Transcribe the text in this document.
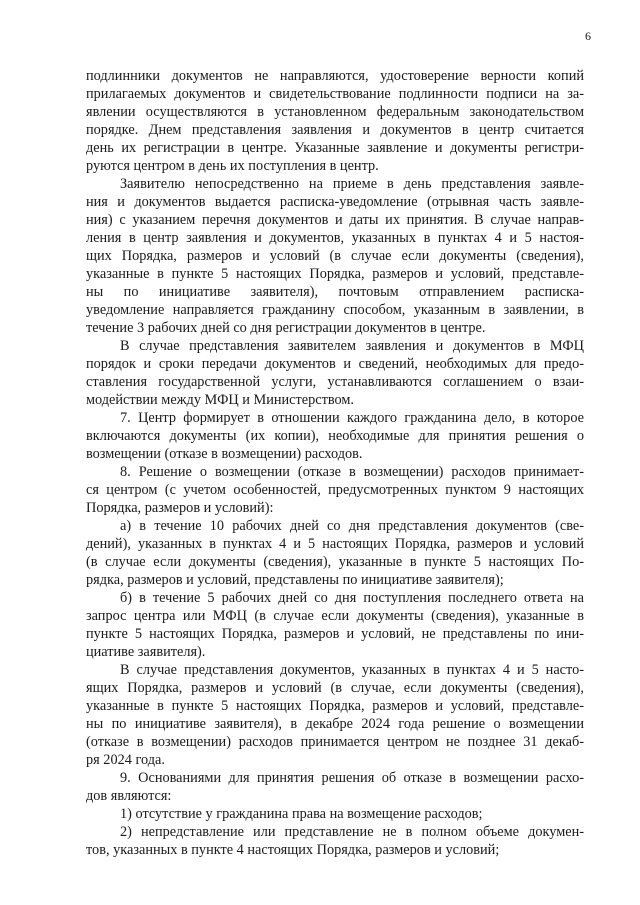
6
подлинники документов не направляются, удостоверение верности копий
прилагаемых документов и свидетельствование подлинности подписи на за-
явлении осуществляются в установленном федеральным законодательством
порядке. Днем представления заявления и документов в центр считается
день их регистрации в центре. Указанные заявление и документы регистри-
руются центром в день их поступления в центр.
Заявителю непосредственно на приеме в день представления заявле-
ния и документов выдается расписка-уведомление (отрывная часть заявле-
ния) с указанием перечня документов и даты их принятия. В случае направ-
ления в центр заявления и документов, указанных в пунктах 4 и 5 настоя-
щих Порядка, размеров и условий (в случае если документы (сведения),
указанные в пункте 5 настоящих Порядка, размеров и условий, представле-
ны по инициативе заявителя), почтовым отправлением расписка-
уведомление направляется гражданину способом, указанным в заявлении, в
течение 3 рабочих дней со дня регистрации документов в центре.
В случае представления заявителем заявления и документов в МФЦ
порядок и сроки передачи документов и сведений, необходимых для предо-
ставления государственной услуги, устанавливаются соглашением о взаи-
модействии между МФЦ и Министерством.
7. Центр формирует в отношении каждого гражданина дело, в которое
включаются документы (их копии), необходимые для принятия решения о
возмещении (отказе в возмещении) расходов.
8. Решение о возмещении (отказе в возмещении) расходов принимает-
ся центром (с учетом особенностей, предусмотренных пунктом 9 настоящих
Порядка, размеров и условий):
а) в течение 10 рабочих дней со дня представления документов (све-
дений), указанных в пунктах 4 и 5 настоящих Порядка, размеров и условий
(в случае если документы (сведения), указанные в пункте 5 настоящих По-
рядка, размеров и условий, представлены по инициативе заявителя);
б) в течение 5 рабочих дней со дня поступления последнего ответа на
запрос центра или МФЦ (в случае если документы (сведения), указанные в
пункте 5 настоящих Порядка, размеров и условий, не представлены по ини-
циативе заявителя).
В случае представления документов, указанных в пунктах 4 и 5 насто-
ящих Порядка, размеров и условий (в случае, если документы (сведения),
указанные в пункте 5 настоящих Порядка, размеров и условий, представле-
ны по инициативе заявителя), в декабре 2024 года решение о возмещении
(отказе в возмещении) расходов принимается центром не позднее 31 декаб-
ря 2024 года.
9. Основаниями для принятия решения об отказе в возмещении расхо-
дов являются:
1) отсутствие у гражданина права на возмещение расходов;
2) непредставление или представление не в полном объеме докумен-
тов, указанных в пункте 4 настоящих Порядка, размеров и условий;
